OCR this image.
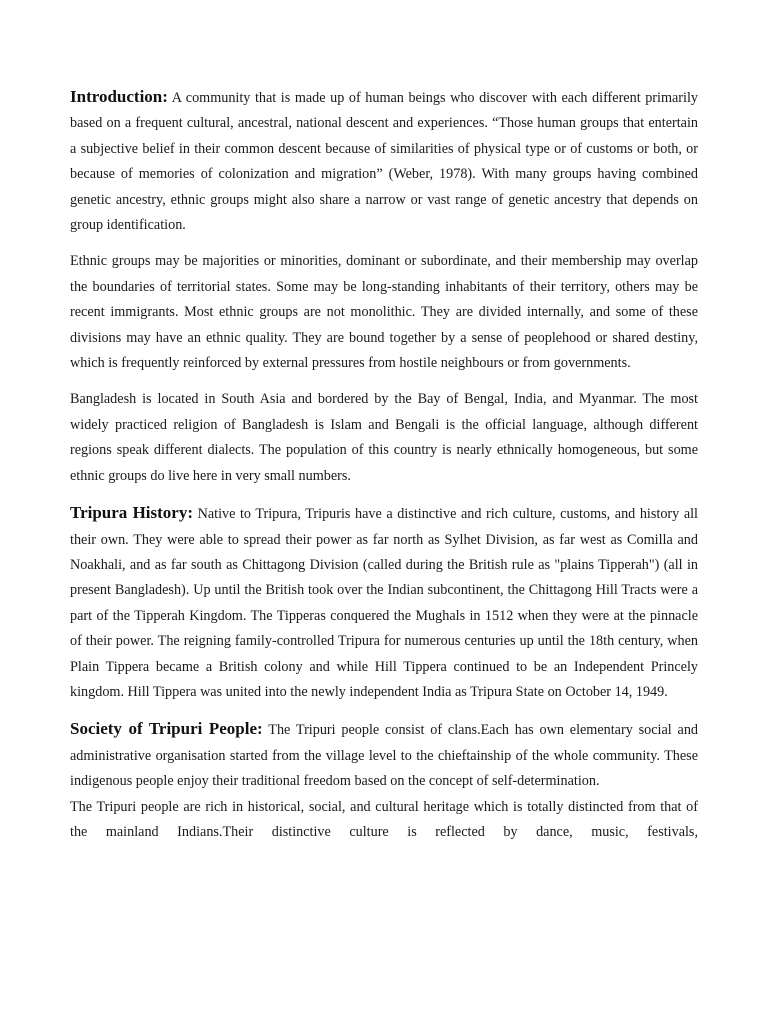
Introduction: A community that is made up of human beings who discover with each different primarily based on a frequent cultural, ancestral, national descent and experiences. “Those human groups that entertain a subjective belief in their common descent because of similarities of physical type or of customs or both, or because of memories of colonization and migration” (Weber, 1978). With many groups having combined genetic ancestry, ethnic groups might also share a narrow or vast range of genetic ancestry that depends on group identification.

Ethnic groups may be majorities or minorities, dominant or subordinate, and their membership may overlap the boundaries of territorial states. Some may be long-standing inhabitants of their territory, others may be recent immigrants. Most ethnic groups are not monolithic. They are divided internally, and some of these divisions may have an ethnic quality. They are bound together by a sense of peoplehood or shared destiny, which is frequently reinforced by external pressures from hostile neighbours or from governments.

Bangladesh is located in South Asia and bordered by the Bay of Bengal, India, and Myanmar. The most widely practiced religion of Bangladesh is Islam and Bengali is the official language, although different regions speak different dialects. The population of this country is nearly ethnically homogeneous, but some ethnic groups do live here in very small numbers.

Tripura History: Native to Tripura, Tripuris have a distinctive and rich culture, customs, and history all their own. They were able to spread their power as far north as Sylhet Division, as far west as Comilla and Noakhali, and as far south as Chittagong Division (called during the British rule as "plains Tipperah") (all in present Bangladesh). Up until the British took over the Indian subcontinent, the Chittagong Hill Tracts were a part of the Tipperah Kingdom. The Tipperas conquered the Mughals in 1512 when they were at the pinnacle of their power. The reigning family-controlled Tripura for numerous centuries up until the 18th century, when Plain Tippera became a British colony and while Hill Tippera continued to be an Independent Princely kingdom. Hill Tippera was united into the newly independent India as Tripura State on October 14, 1949.

Society of Tripuri People: The Tripuri people consist of clans.Each has own elementary social and administrative organisation started from the village level to the chieftainship of the whole community. These indigenous people enjoy their traditional freedom based on the concept of self-determination.

The Tripuri people are rich in historical, social, and cultural heritage which is totally distincted from that of the mainland Indians.Their distinctive culture is reflected by dance, music, festivals,
